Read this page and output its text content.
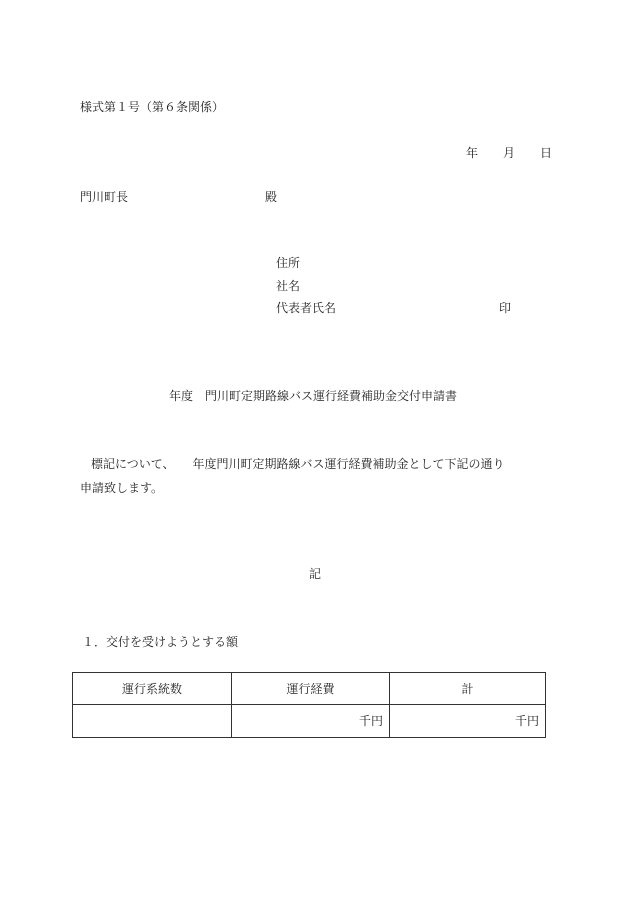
様式第１号（第６条関係）
年 月 日
門川町長	殿
住所
社名
代表者氏名	印
年度　門川町定期路線バス運行経費補助金交付申請書
標記について、　　年度門川町定期路線バス運行経費補助金として下記の通り
申請致します。
記
１．交付を受けようとする額
運行系統数	運行経費	計
	千円	千円
